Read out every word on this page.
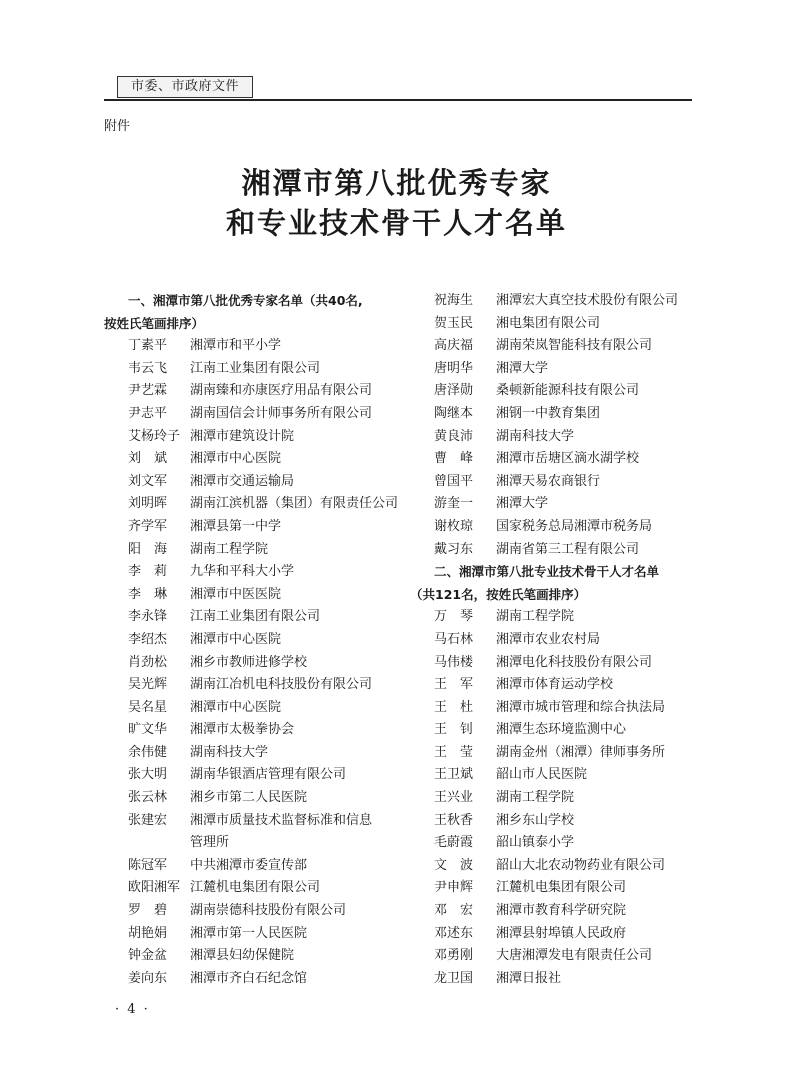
市委、市政府文件
附件
湘潭市第八批优秀专家
和专业技术骨干人才名单
一、湘潭市第八批优秀专家名单（共40名,
按姓氏笔画排序）
丁素平	湘潭市和平小学
韦云飞	江南工业集团有限公司
尹艺霖	湖南臻和亦康医疗用品有限公司
尹志平	湖南国信会计师事务所有限公司
艾杨玲子 湘潭市建筑设计院
刘　斌	湘潭市中心医院
刘文军	湘潭市交通运输局
刘明晖	湖南江滨机器（集团）有限责任公司
齐学军	湘潭县第一中学
阳　海	湖南工程学院
李　莉	九华和平科大小学
李　琳	湘潭市中医医院
李永锋	江南工业集团有限公司
李绍杰	湘潭市中心医院
肖劲松	湘乡市教师进修学校
吴光辉	湖南江冶机电科技股份有限公司
吴名星	湘潭市中心医院
旷文华	湘潭市太极拳协会
余伟健	湖南科技大学
张大明	湖南华银酒店管理有限公司
张云林	湘乡市第二人民医院
张建宏	湘潭市质量技术监督标准和信息
管理所
陈冠军	中共湘潭市委宣传部
欧阳湘军 江麓机电集团有限公司
罗　碧	湖南崇德科技股份有限公司
胡艳娟	湘潭市第一人民医院
钟金盆	湘潭县妇幼保健院
姜向东	湘潭市齐白石纪念馆
祝海生	湘潭宏大真空技术股份有限公司
贺玉民	湘电集团有限公司
高庆福	湖南荣岚智能科技有限公司
唐明华	湘潭大学
唐泽勋	桑顿新能源科技有限公司
陶继本	湘钢一中教育集团
黄良沛	湖南科技大学
曹　峰	湘潭市岳塘区滴水湖学校
曾国平	湘潭天易农商银行
游奎一	湘潭大学
谢枚琼	国家税务总局湘潭市税务局
戴习东	湖南省第三工程有限公司
二、湘潭市第八批专业技术骨干人才名单
（共121名，按姓氏笔画排序）
万　琴	湖南工程学院
马石林	湘潭市农业农村局
马伟楼	湘潭电化科技股份有限公司
王　军	湘潭市体育运动学校
王　杜	湘潭市城市管理和综合执法局
王　钊	湘潭生态环境监测中心
王　莹	湖南金州（湘潭）律师事务所
王卫斌	韶山市人民医院
王兴业	湖南工程学院
王秋香	湘乡东山学校
毛蔚霞	韶山镇泰小学
文　波	韶山大北农动物药业有限公司
尹申辉	江麓机电集团有限公司
邓　宏	湘潭市教育科学研究院
邓述东	湘潭县射埠镇人民政府
邓勇刚	大唐湘潭发电有限责任公司
龙卫国	湘潭日报社
· 4 ·
